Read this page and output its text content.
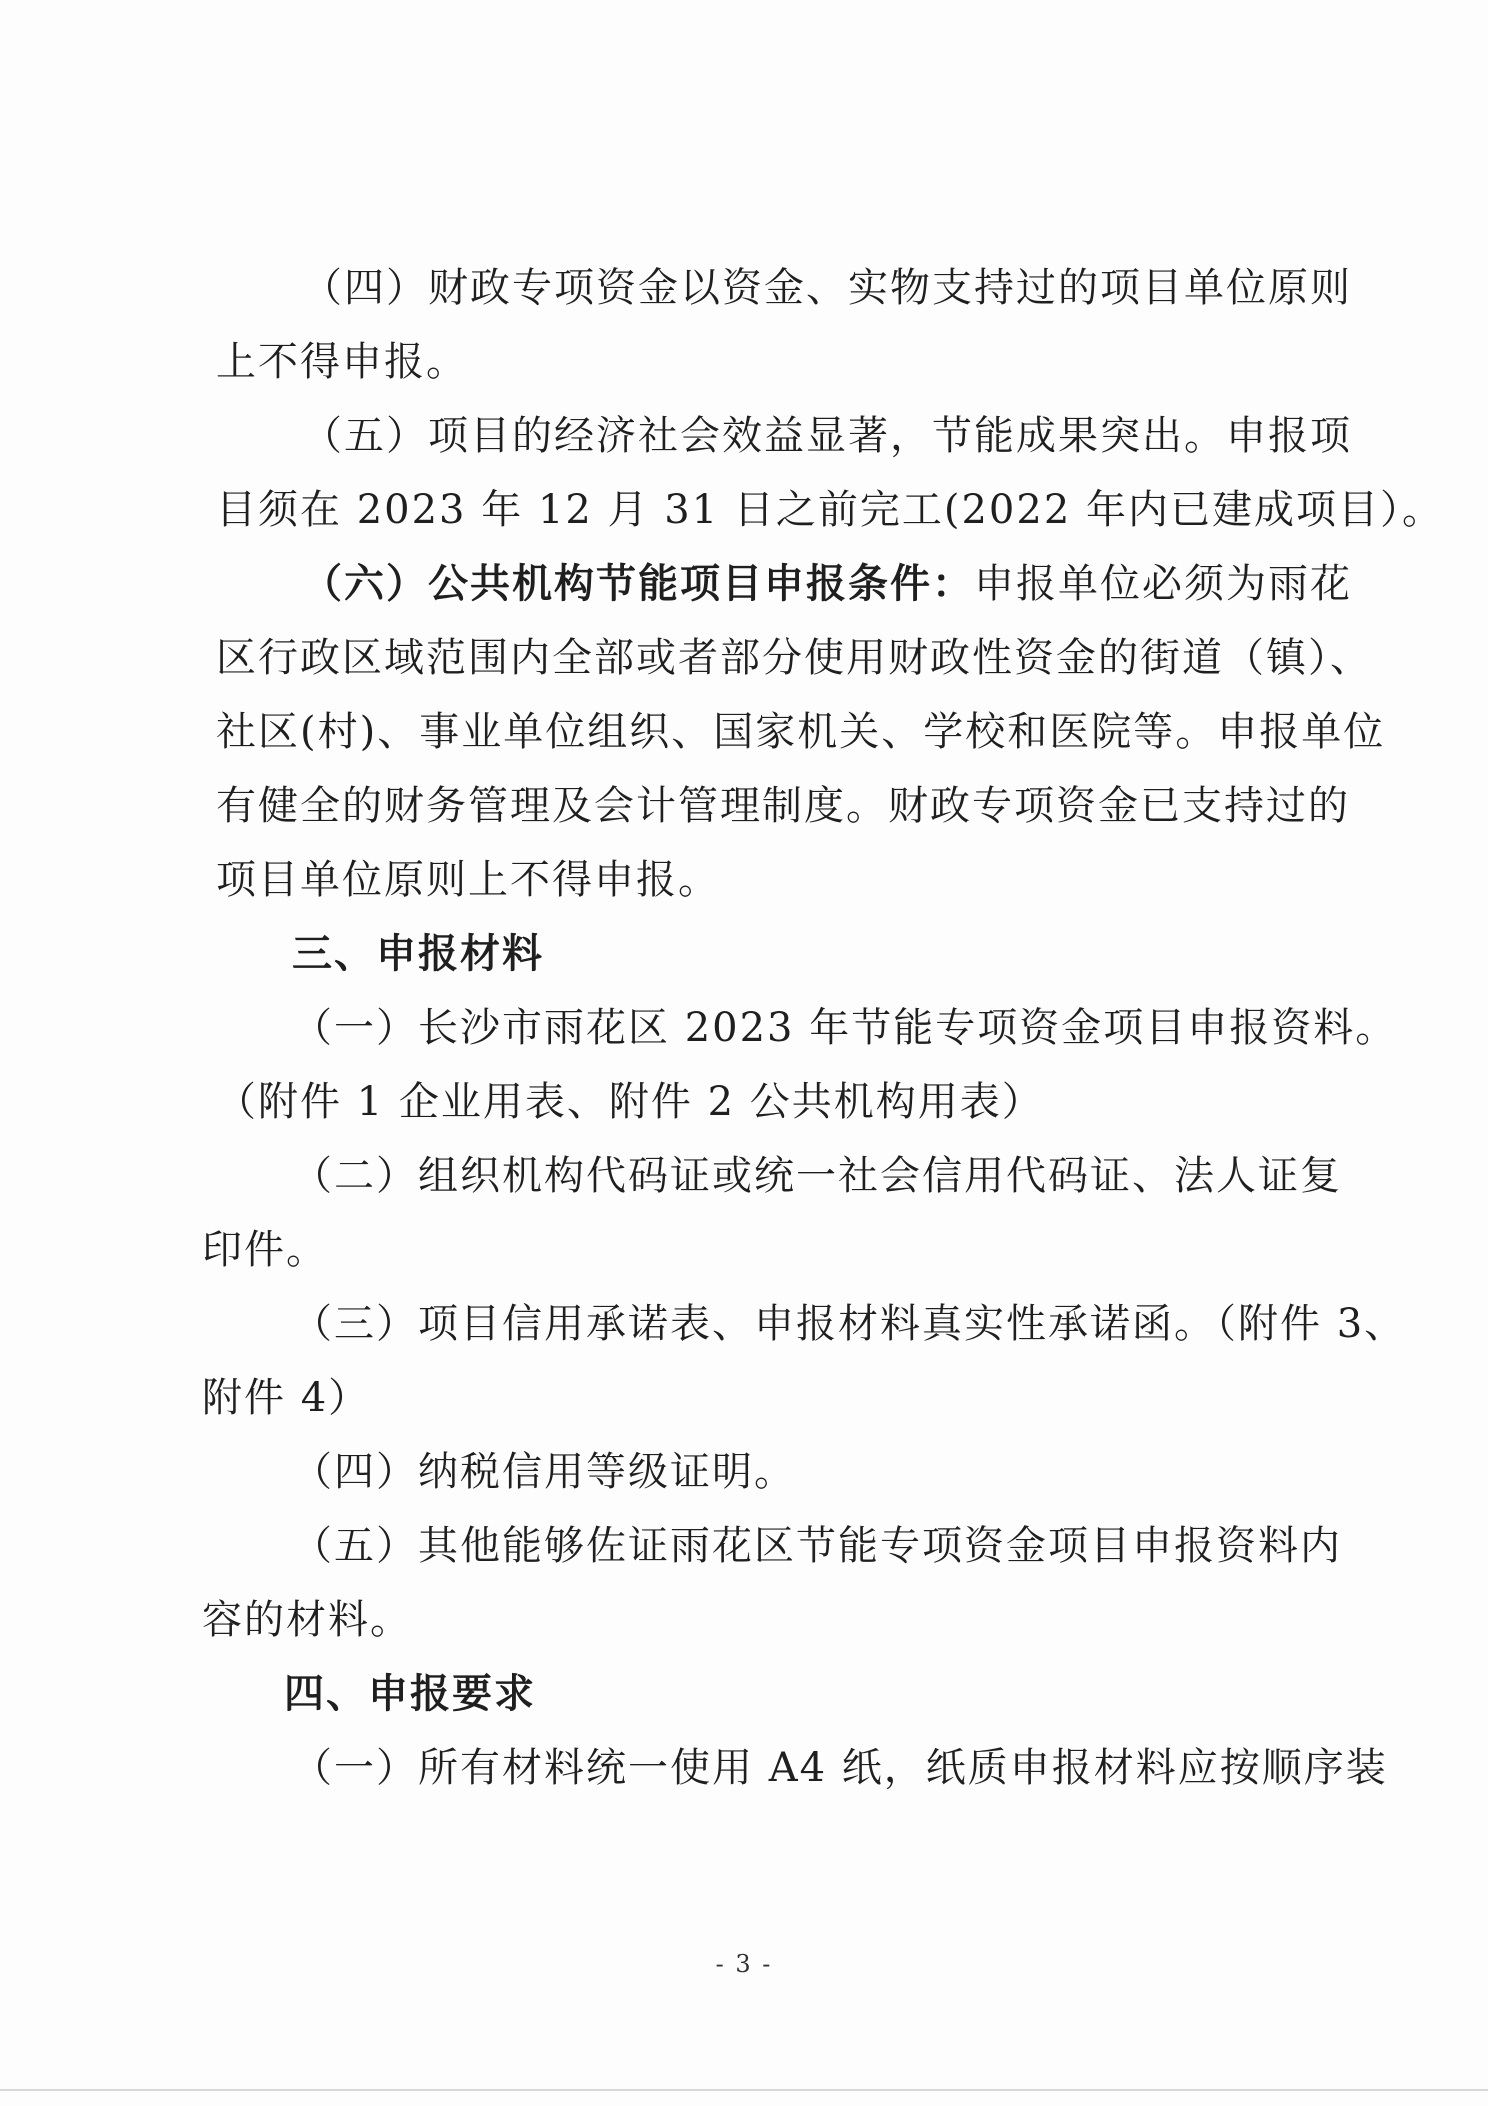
（四）财政专项资金以资金、实物支持过的项目单位原则
上不得申报。
（五）项目的经济社会效益显著，节能成果突出。申报项
目须在 2023 年 12 月 31 日之前完工(2022 年内已建成项目）。
（六）公共机构节能项目申报条件：申报单位必须为雨花
区行政区域范围内全部或者部分使用财政性资金的街道（镇）、
社区(村)、事业单位组织、国家机关、学校和医院等。申报单位
有健全的财务管理及会计管理制度。财政专项资金已支持过的
项目单位原则上不得申报。
三、申报材料
（一）长沙市雨花区 2023 年节能专项资金项目申报资料。
（附件 1 企业用表、附件 2 公共机构用表）
（二）组织机构代码证或统一社会信用代码证、法人证复
印件。
（三）项目信用承诺表、申报材料真实性承诺函。（附件 3、
附件 4）
（四）纳税信用等级证明。
（五）其他能够佐证雨花区节能专项资金项目申报资料内
容的材料。
四、申报要求
（一）所有材料统一使用 A4 纸，纸质申报材料应按顺序装
- 3 -
